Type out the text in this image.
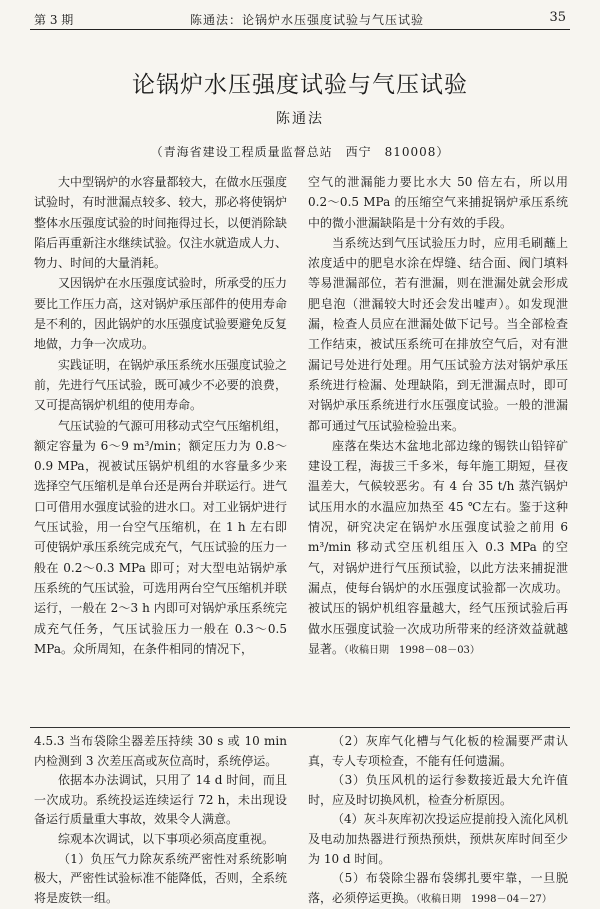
第 3 期	陈通法：论锅炉水压强度试验与气压试验	35
论锅炉水压强度试验与气压试验
陈通法
（青海省建设工程质量监督总站　西宁　810008）

大中型锅炉的水容量都较大，在做水压强度试验时，有时泄漏点较多、较大，那必将使锅炉整体水压强度试验的时间拖得过长，以便消除缺陷后再重新注水继续试验。仅注水就造成人力、物力、时间的大量消耗。

又因锅炉在水压强度试验时，所承受的压力要比工作压力高，这对锅炉承压部件的使用寿命是不利的，因此锅炉的水压强度试验要避免反复地做，力争一次成功。

实践证明，在锅炉承压系统水压强度试验之前，先进行气压试验，既可减少不必要的浪费，又可提高锅炉机组的使用寿命。

气压试验的气源可用移动式空气压缩机组，额定容量为 6～9 m³/min；额定压力为 0.8～0.9 MPa，视被试压锅炉机组的水容量多少来选择空气压缩机是单台还是两台并联运行。进气口可借用水强度试验的进水口。对工业锅炉进行气压试验，用一台空气压缩机，在 1 h 左右即可使锅炉承压系统完成充气，气压试验的压力一般在 0.2～0.3 MPa 即可；对大型电站锅炉承压系统的气压试验，可选用两台空气压缩机并联运行，一般在 2～3 h 内即可对锅炉承压系统完成充气任务，气压试验压力一般在 0.3～0.5 MPa。众所周知，在条件相同的情况下，

空气的泄漏能力要比水大 50 倍左右，所以用 0.2～0.5 MPa 的压缩空气来捕捉锅炉承压系统中的微小泄漏缺陷是十分有效的手段。

当系统达到气压试验压力时，应用毛刷蘸上浓度适中的肥皂水涂在焊缝、结合面、阀门填料等易泄漏部位，若有泄漏，则在泄漏处就会形成肥皂泡（泄漏较大时还会发出嘘声）。如发现泄漏，检查人员应在泄漏处做下记号。当全部检查工作结束，被试压系统可在排放空气后，对有泄漏记号处进行处理。用气压试验方法对锅炉承压系统进行检漏、处理缺陷，到无泄漏点时，即可对锅炉承压系统进行水压强度试验。一般的泄漏都可通过气压试验检验出来。

座落在柴达木盆地北部边缘的锡铁山铅锌矿建设工程，海拔三千多米，每年施工期短，昼夜温差大，气候较恶劣。有 4 台 35 t/h 蒸汽锅炉试压用水的水温应加热至 45 ℃左右。鉴于这种情况，研究决定在锅炉水压强度试验之前用 6 m³/min 移动式空压机组压入 0.3 MPa 的空气，对锅炉进行气压预试验，以此方法来捕捉泄漏点，使每台锅炉的水压强度试验都一次成功。被试压的锅炉机组容量越大，经气压预试验后再做水压强度试验一次成功所带来的经济效益就越显著。（收稿日期　1998－08－03）

4.5.3 当布袋除尘器差压持续 30 s 或 10 min 内检测到 3 次差压高或灰位高时，系统停运。

依据本办法调试，只用了 14 d 时间，而且一次成功。系统投运连续运行 72 h，未出现设备运行质量重大事故，效果令人满意。

综观本次调试，以下事项必须高度重视。

（1）负压气力除灰系统严密性对系统影响极大，严密性试验标准不能降低，否则，全系统将是废铁一组。

（2）灰库气化槽与气化板的检漏要严肃认真，专人专项检查，不能有任何遗漏。

（3）负压风机的运行参数接近最大允许值时，应及时切换风机，检查分析原因。

（4）灰斗灰库初次投运应提前投入流化风机及电动加热器进行预热预烘，预烘灰库时间至少为 10 d 时间。

（5）布袋除尘器布袋绑扎要牢靠，一旦脱落，必须停运更换。（收稿日期　1998－04－27）
